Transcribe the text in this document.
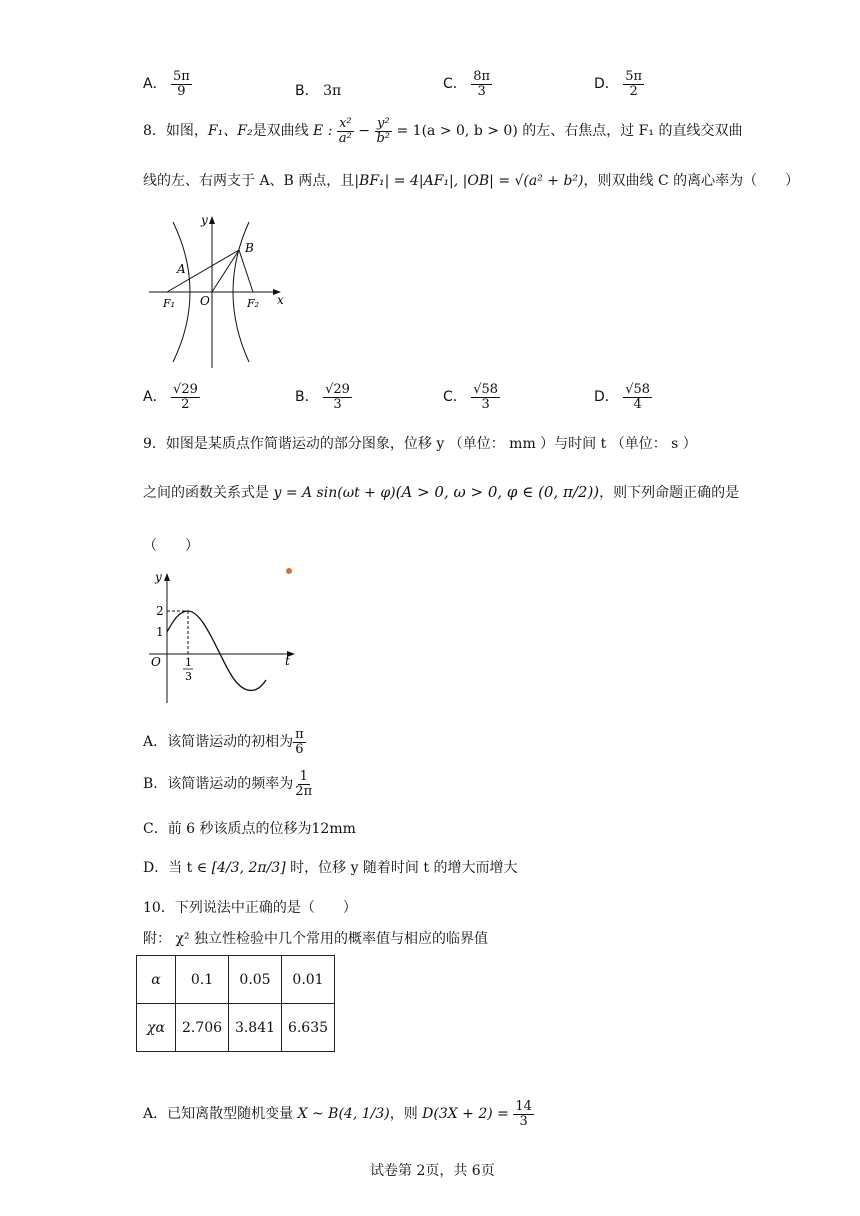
A． $\frac{5\pi}{9}$	B． 3π	C． $\frac{8\pi}{3}$	D． $\frac{5\pi}{2}$
8．如图，F₁、F₂是双曲线 E : $\frac{\text{x²}}{\text{a²}} - \frac{\text{y²}}{\text{b²}} = 1(a > 0$, b > 0) 的左、右焦点，过 F₁ 的直线交双曲
线的左、右两支于 A、B 两点，且|BF₁| = 4|AF₁|, |OB| = √(a² + b²)，则双曲线 C 的离心率为（　　）
y
x
O
A
B
F₁	F₂
A． $\frac{√29}{2}$	B． $\frac{√29}{3}$	C． $\frac{√58}{3}$	D． $\frac{√58}{4}$
9．如图是某质点作简谐运动的部分图象，位移 y （单位： mm ）与时间 t （单位： s ）
之间的函数关系式是 y = A sin(ωt + φ)(A > 0, ω > 0, φ ∈ (0, π/2))，则下列命题正确的是
（　　）
y
t
O
2
1
1
3
A．该简谐运动的初相为 $\frac{\pi}{6}$
B．该简谐运动的频率为 $\frac{1}{2\pi}$
C．前 6 秒该质点的位移为12mm
D．当 t ∈ [4/3, 2π/3] 时，位移 y 随着时间 t 的增大而增大
10．下列说法中正确的是（　　）
附： χ² 独立性检验中几个常用的概率值与相应的临界值
α	0.1	0.05	0.01
χα	2.706	3.841	6.635
A．已知离散型随机变量 X ~ B(4, 1/3)，则 $D(3X + 2) = \frac{14}{3}$
试卷第 2页，共 6页
